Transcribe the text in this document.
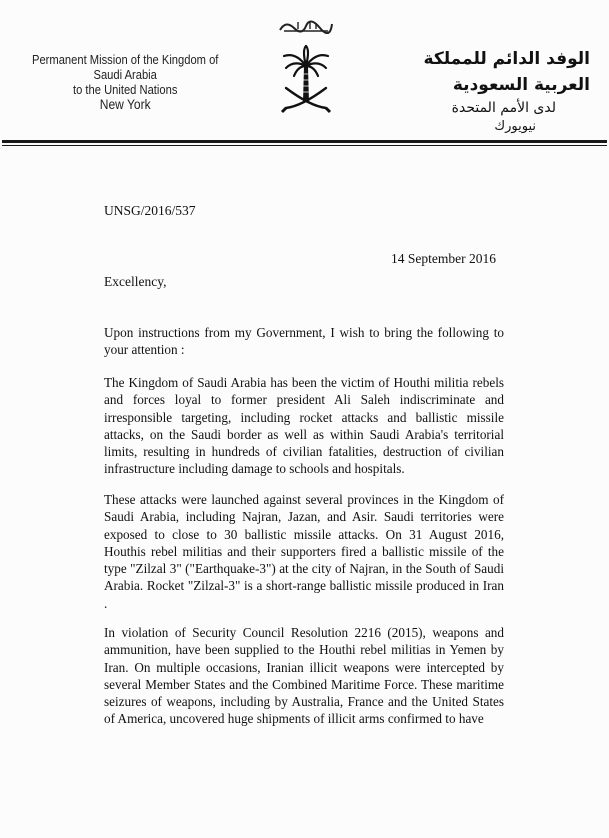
Permanent Mission of the Kingdom of Saudi Arabia
to the United Nations
New York
الوفد الدائم للمملكة العربية السعودية
لدى الأمم المتحدة
نيويورك
UNSG/2016/537
14 September 2016
Excellency,

Upon instructions from my Government, I wish to bring the following to your attention :

The Kingdom of Saudi Arabia has been the victim of Houthi militia rebels and forces loyal to former president Ali Saleh indiscriminate and irresponsible targeting, including rocket attacks and ballistic missile attacks, on the Saudi border as well as within Saudi Arabia's territorial limits, resulting in hundreds of civilian fatalities, destruction of civilian infrastructure including damage to schools and hospitals.

These attacks were launched against several provinces in the Kingdom of Saudi Arabia, including Najran, Jazan, and Asir. Saudi territories were exposed to close to 30 ballistic missile attacks. On 31 August 2016, Houthis rebel militias and their supporters fired a ballistic missile of the type "Zilzal 3" ("Earthquake-3") at the city of Najran, in the South of Saudi Arabia. Rocket "Zilzal-3" is a short-range ballistic missile produced in Iran .

In violation of Security Council Resolution 2216 (2015), weapons and ammunition, have been supplied to the Houthi rebel militias in Yemen by Iran. On multiple occasions, Iranian illicit weapons were intercepted by several Member States and the Combined Maritime Force. These maritime seizures of weapons, including by Australia, France and the United States of America, uncovered huge shipments of illicit arms confirmed to have
